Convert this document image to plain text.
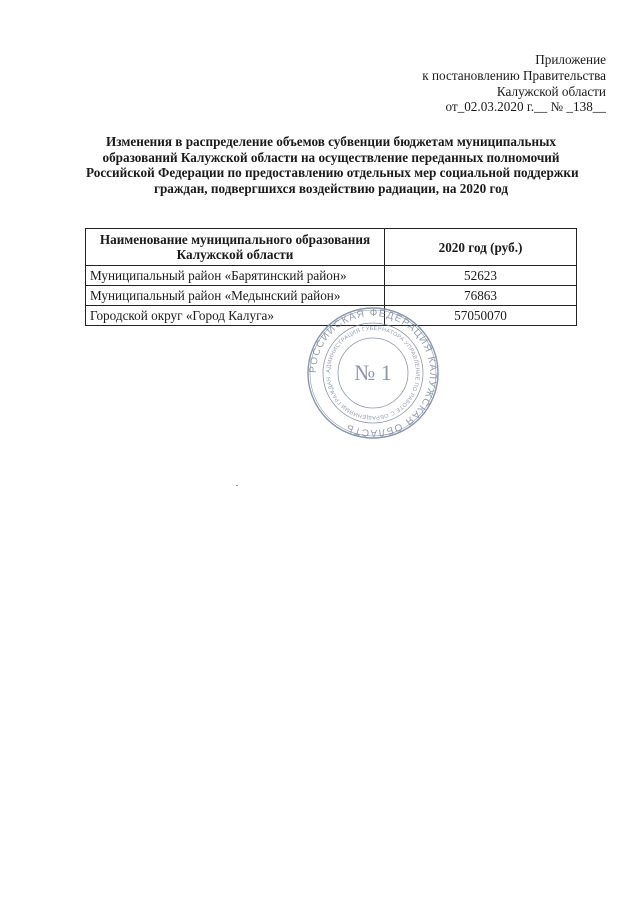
Приложение
к постановлению Правительства
Калужской области
от_02.03.2020 г.__ № _138__
Изменения в распределение объемов субвенции бюджетам муниципальных
образований Калужской области на осуществление переданных полномочий
Российской Федерации по предоставлению отдельных мер социальной поддержки
граждан, подвергшихся воздействию радиации, на 2020 год
Наименование муниципального образования
Калужской области	2020 год (руб.)
Муниципальный район «Барятинский район»	52623
Муниципальный район «Медынский район»	76863
Городской округ «Город Калуга»	57050070
РОССИЙСКАЯ ФЕДЕРАЦИЯ КАЛУЖСКАЯ ОБЛАСТЬ
АДМИНИСТРАЦИЯ ГУБЕРНАТОРА УПРАВЛЕНИЕ ПО РАБОТЕ С ОБРАЩЕНИЯМИ ГРАЖДАН № 1
